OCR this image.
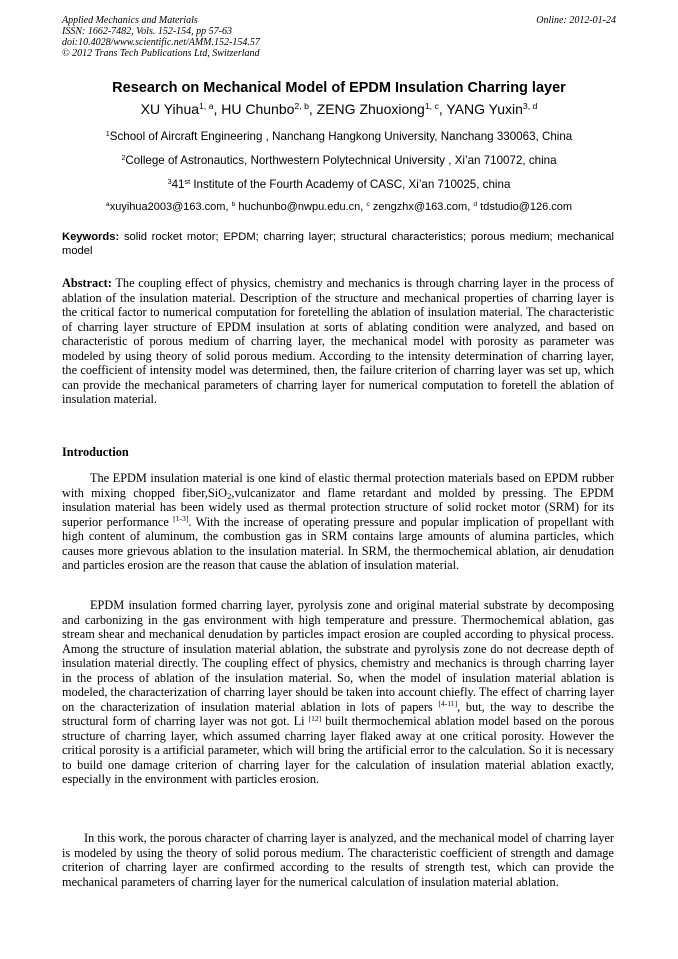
Applied Mechanics and Materials
ISSN: 1662-7482, Vols. 152-154, pp 57-63
doi:10.4028/www.scientific.net/AMM.152-154.57
© 2012 Trans Tech Publications Ltd, Switzerland
Online: 2012-01-24
Research on Mechanical Model of EPDM Insulation Charring layer
XU Yihua$^{1, a}$, HU Chunbo$^{2, b}$, ZENG Zhuoxiong$^{1, c}$, YANG Yuxin$^{3, d}$
$^1$School of Aircraft Engineering , Nanchang Hangkong University, Nanchang 330063, China
$^2$College of Astronautics, Northwestern Polytechnical University , Xi’an 710072, china
$^3$41st Institute of the Fourth Academy of CASC, Xi’an 710025, china
$^a$xuyihua2003@163.com, $^b$ huchunbo@nwpu.edu.cn, $^c$ zengzhx@163.com, $^d$ tdstudio@126.com
Keywords: solid rocket motor; EPDM; charring layer; structural characteristics; porous medium; mechanical model
Abstract: The coupling effect of physics, chemistry and mechanics is through charring layer in the process of ablation of the insulation material. Description of the structure and mechanical properties of charring layer is the critical factor to numerical computation for foretelling the ablation of insulation material. The characteristic of charring layer structure of EPDM insulation at sorts of ablating condition were analyzed, and based on characteristic of porous medium of charring layer, the mechanical model with porosity as parameter was modeled by using theory of solid porous medium. According to the intensity determination of charring layer, the coefficient of intensity model was determined, then, the failure criterion of charring layer was set up, which can provide the mechanical parameters of charring layer for numerical computation to foretell the ablation of insulation material.
Introduction
The EPDM insulation material is one kind of elastic thermal protection materials based on EPDM rubber with mixing chopped fiber,SiO$_2$,vulcanizator and flame retardant and molded by pressing. The EPDM insulation material has been widely used as thermal protection structure of solid rocket motor (SRM) for its superior performance [1-3]. With the increase of operating pressure and popular implication of propellant with high content of aluminum, the combustion gas in SRM contains large amounts of alumina particles, which causes more grievous ablation to the insulation material. In SRM, the thermochemical ablation, air denudation and particles erosion are the reason that cause the ablation of insulation material.
EPDM insulation formed charring layer, pyrolysis zone and original material substrate by decomposing and carbonizing in the gas environment with high temperature and pressure. Thermochemical ablation, gas stream shear and mechanical denudation by particles impact erosion are coupled according to physical process. Among the structure of insulation material ablation, the substrate and pyrolysis zone do not decrease depth of insulation material directly. The coupling effect of physics, chemistry and mechanics is through charring layer in the process of ablation of the insulation material. So, when the model of insulation material ablation is modeled, the characterization of charring layer should be taken into account chiefly. The effect of charring layer on the characterization of insulation material ablation in lots of papers [4-11], but, the way to describe the structural form of charring layer was not got. Li [12] built thermochemical ablation model based on the porous structure of charring layer, which assumed charring layer flaked away at one critical porosity. However the critical porosity is a artificial parameter, which will bring the artificial error to the calculation. So it is necessary to build one damage criterion of charring layer for the calculation of insulation material ablation exactly, especially in the environment with particles erosion.
In this work, the porous character of charring layer is analyzed, and the mechanical model of charring layer is modeled by using the theory of solid porous medium. The characteristic coefficient of strength and damage criterion of charring layer are confirmed according to the results of strength test, which can provide the mechanical parameters of charring layer for the numerical calculation of insulation material ablation.
